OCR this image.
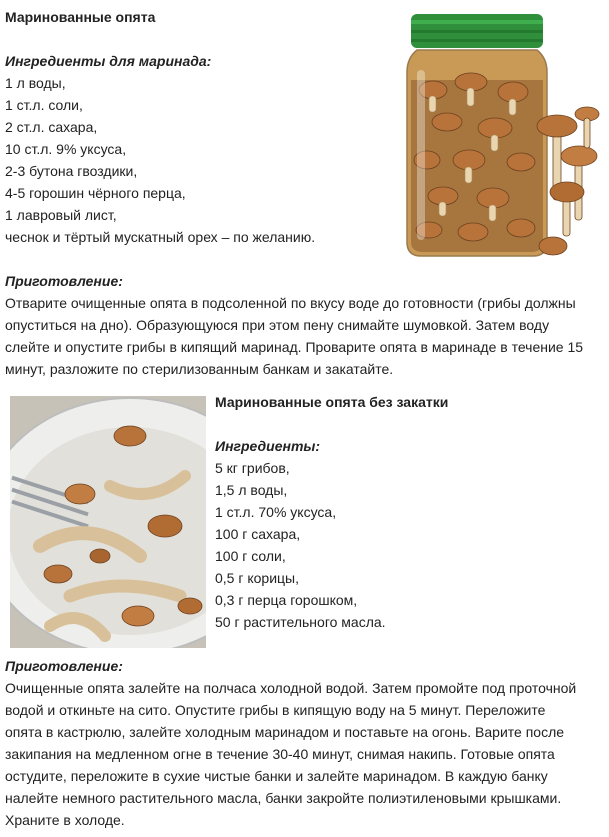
Маринованные опята

Ингредиенты для маринада:

1 л воды,

1 ст.л. соли,

2 ст.л. сахара,

10 ст.л. 9% уксуса,

2-3 бутона гвоздики,

4-5 горошин чёрного перца,

1 лавровый лист,

чеснок и тёртый мускатный орех – по желанию.

Приготовление:

Отварите очищенные опята в подсоленной по вкусу воде до готовности (грибы должны

опуститься на дно). Образующуюся при этом пену снимайте шумовкой. Затем воду

слейте и опустите грибы в кипящий маринад. Проварите опята в маринаде в течение 15

минут, разложите по стерилизованным банкам и закатайте.

Маринованные опята без закатки

Ингредиенты:

5 кг грибов,

1,5 л воды,

1 ст.л. 70% уксуса,

100 г сахара,

100 г соли,

0,5 г корицы,

0,3 г перца горошком,

50 г растительного масла.

Приготовление:

Очищенные опята залейте на полчаса холодной водой. Затем промойте под проточной

водой и откиньте на сито. Опустите грибы в кипящую воду на 5 минут. Переложите

опята в кастрюлю, залейте холодным маринадом и поставьте на огонь. Варите после

закипания на медленном огне в течение 30-40 минут, снимая накипь. Готовые опята

остудите, переложите в сухие чистые банки и залейте маринадом. В каждую банку

налейте немного растительного масла, банки закройте полиэтиленовыми крышками.

Храните в холоде.
